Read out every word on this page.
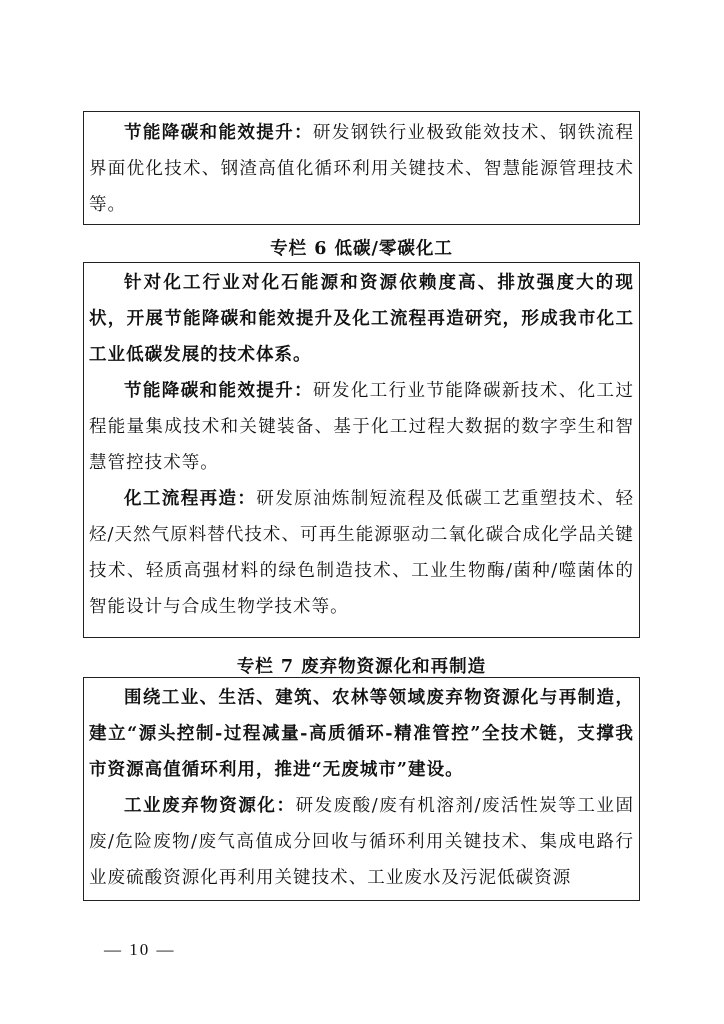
节能降碳和能效提升：研发钢铁行业极致能效技术、钢铁流程界面优化技术、钢渣高值化循环利用关键技术、智慧能源管理技术等。

专栏 6 低碳/零碳化工

针对化工行业对化石能源和资源依赖度高、排放强度大的现状，开展节能降碳和能效提升及化工流程再造研究，形成我市化工工业低碳发展的技术体系。

节能降碳和能效提升：研发化工行业节能降碳新技术、化工过程能量集成技术和关键装备、基于化工过程大数据的数字孪生和智慧管控技术等。

化工流程再造：研发原油炼制短流程及低碳工艺重塑技术、轻烃/天然气原料替代技术、可再生能源驱动二氧化碳合成化学品关键技术、轻质高强材料的绿色制造技术、工业生物酶/菌种/噬菌体的智能设计与合成生物学技术等。

专栏 7 废弃物资源化和再制造

围绕工业、生活、建筑、农林等领域废弃物资源化与再制造，建立“源头控制-过程减量-高质循环-精准管控”全技术链，支撑我市资源高值循环利用，推进“无废城市”建设。

工业废弃物资源化：研发废酸/废有机溶剂/废活性炭等工业固废/危险废物/废气高值成分回收与循环利用关键技术、集成电路行业废硫酸资源化再利用关键技术、工业废水及污泥低碳资源

— 10 —
